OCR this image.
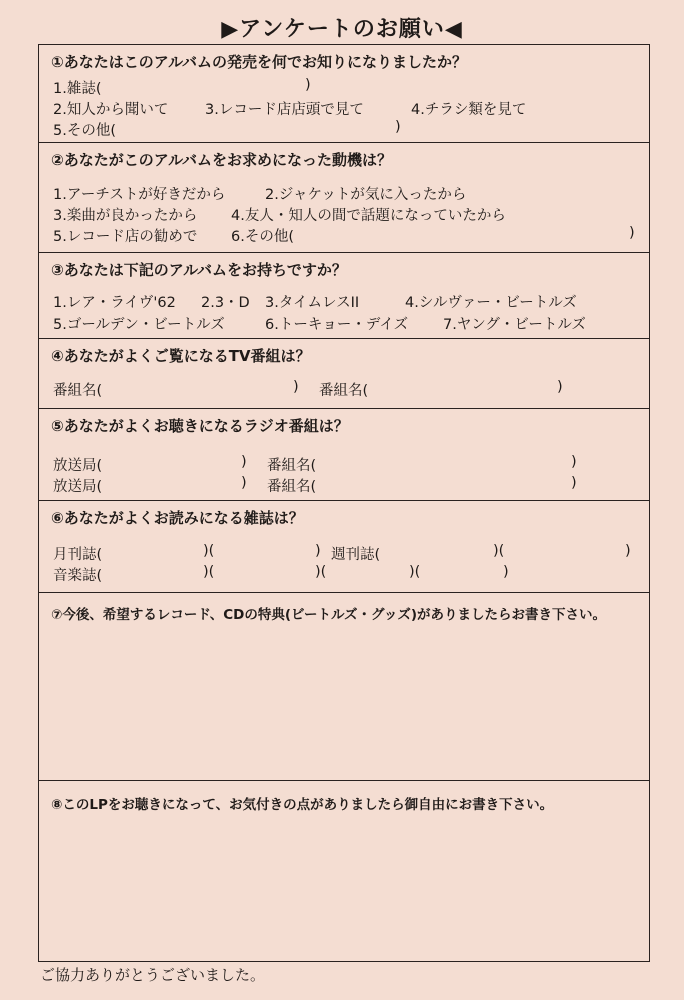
▶アンケートのお願い◀
①あなたはこのアルバムの発売を何でお知りになりましたか？
1.雑誌(	)
2.知人から聞いて	3.レコード店店頭で見て	4.チラシ類を見て
5.その他(	)
②あなたがこのアルバムをお求めになった動機は？
1.アーチストが好きだから	2.ジャケットが気に入ったから
3.楽曲が良かったから 4.友人・知人の間で話題になっていたから
5.レコード店の勧めで 6.その他(	)
③あなたは下記のアルバムをお持ちですか？
1.レア・ライヴ'62 2.3・D 3.タイムレスII	4.シルヴァー・ビートルズ
5.ゴールデン・ビートルズ	6.トーキョー・デイズ 7.ヤング・ビートルズ
④あなたがよくご覧になるTV番組は？
番組名(	) 番組名(	)
⑤あなたがよくお聴きになるラジオ番組は？
放送局(	) 番組名(	)
放送局(	) 番組名(	)
⑥あなたがよくお読みになる雑誌は？
月刊誌(	)(	) 週刊誌(	)(	)
音楽誌(	)(	)(	)(	)
⑦今後、希望するレコード、CDの特典(ビートルズ・グッズ)がありましたらお書き下さい。
⑧このLPをお聴きになって、お気付きの点がありましたら御自由にお書き下さい。
ご協力ありがとうございました。
